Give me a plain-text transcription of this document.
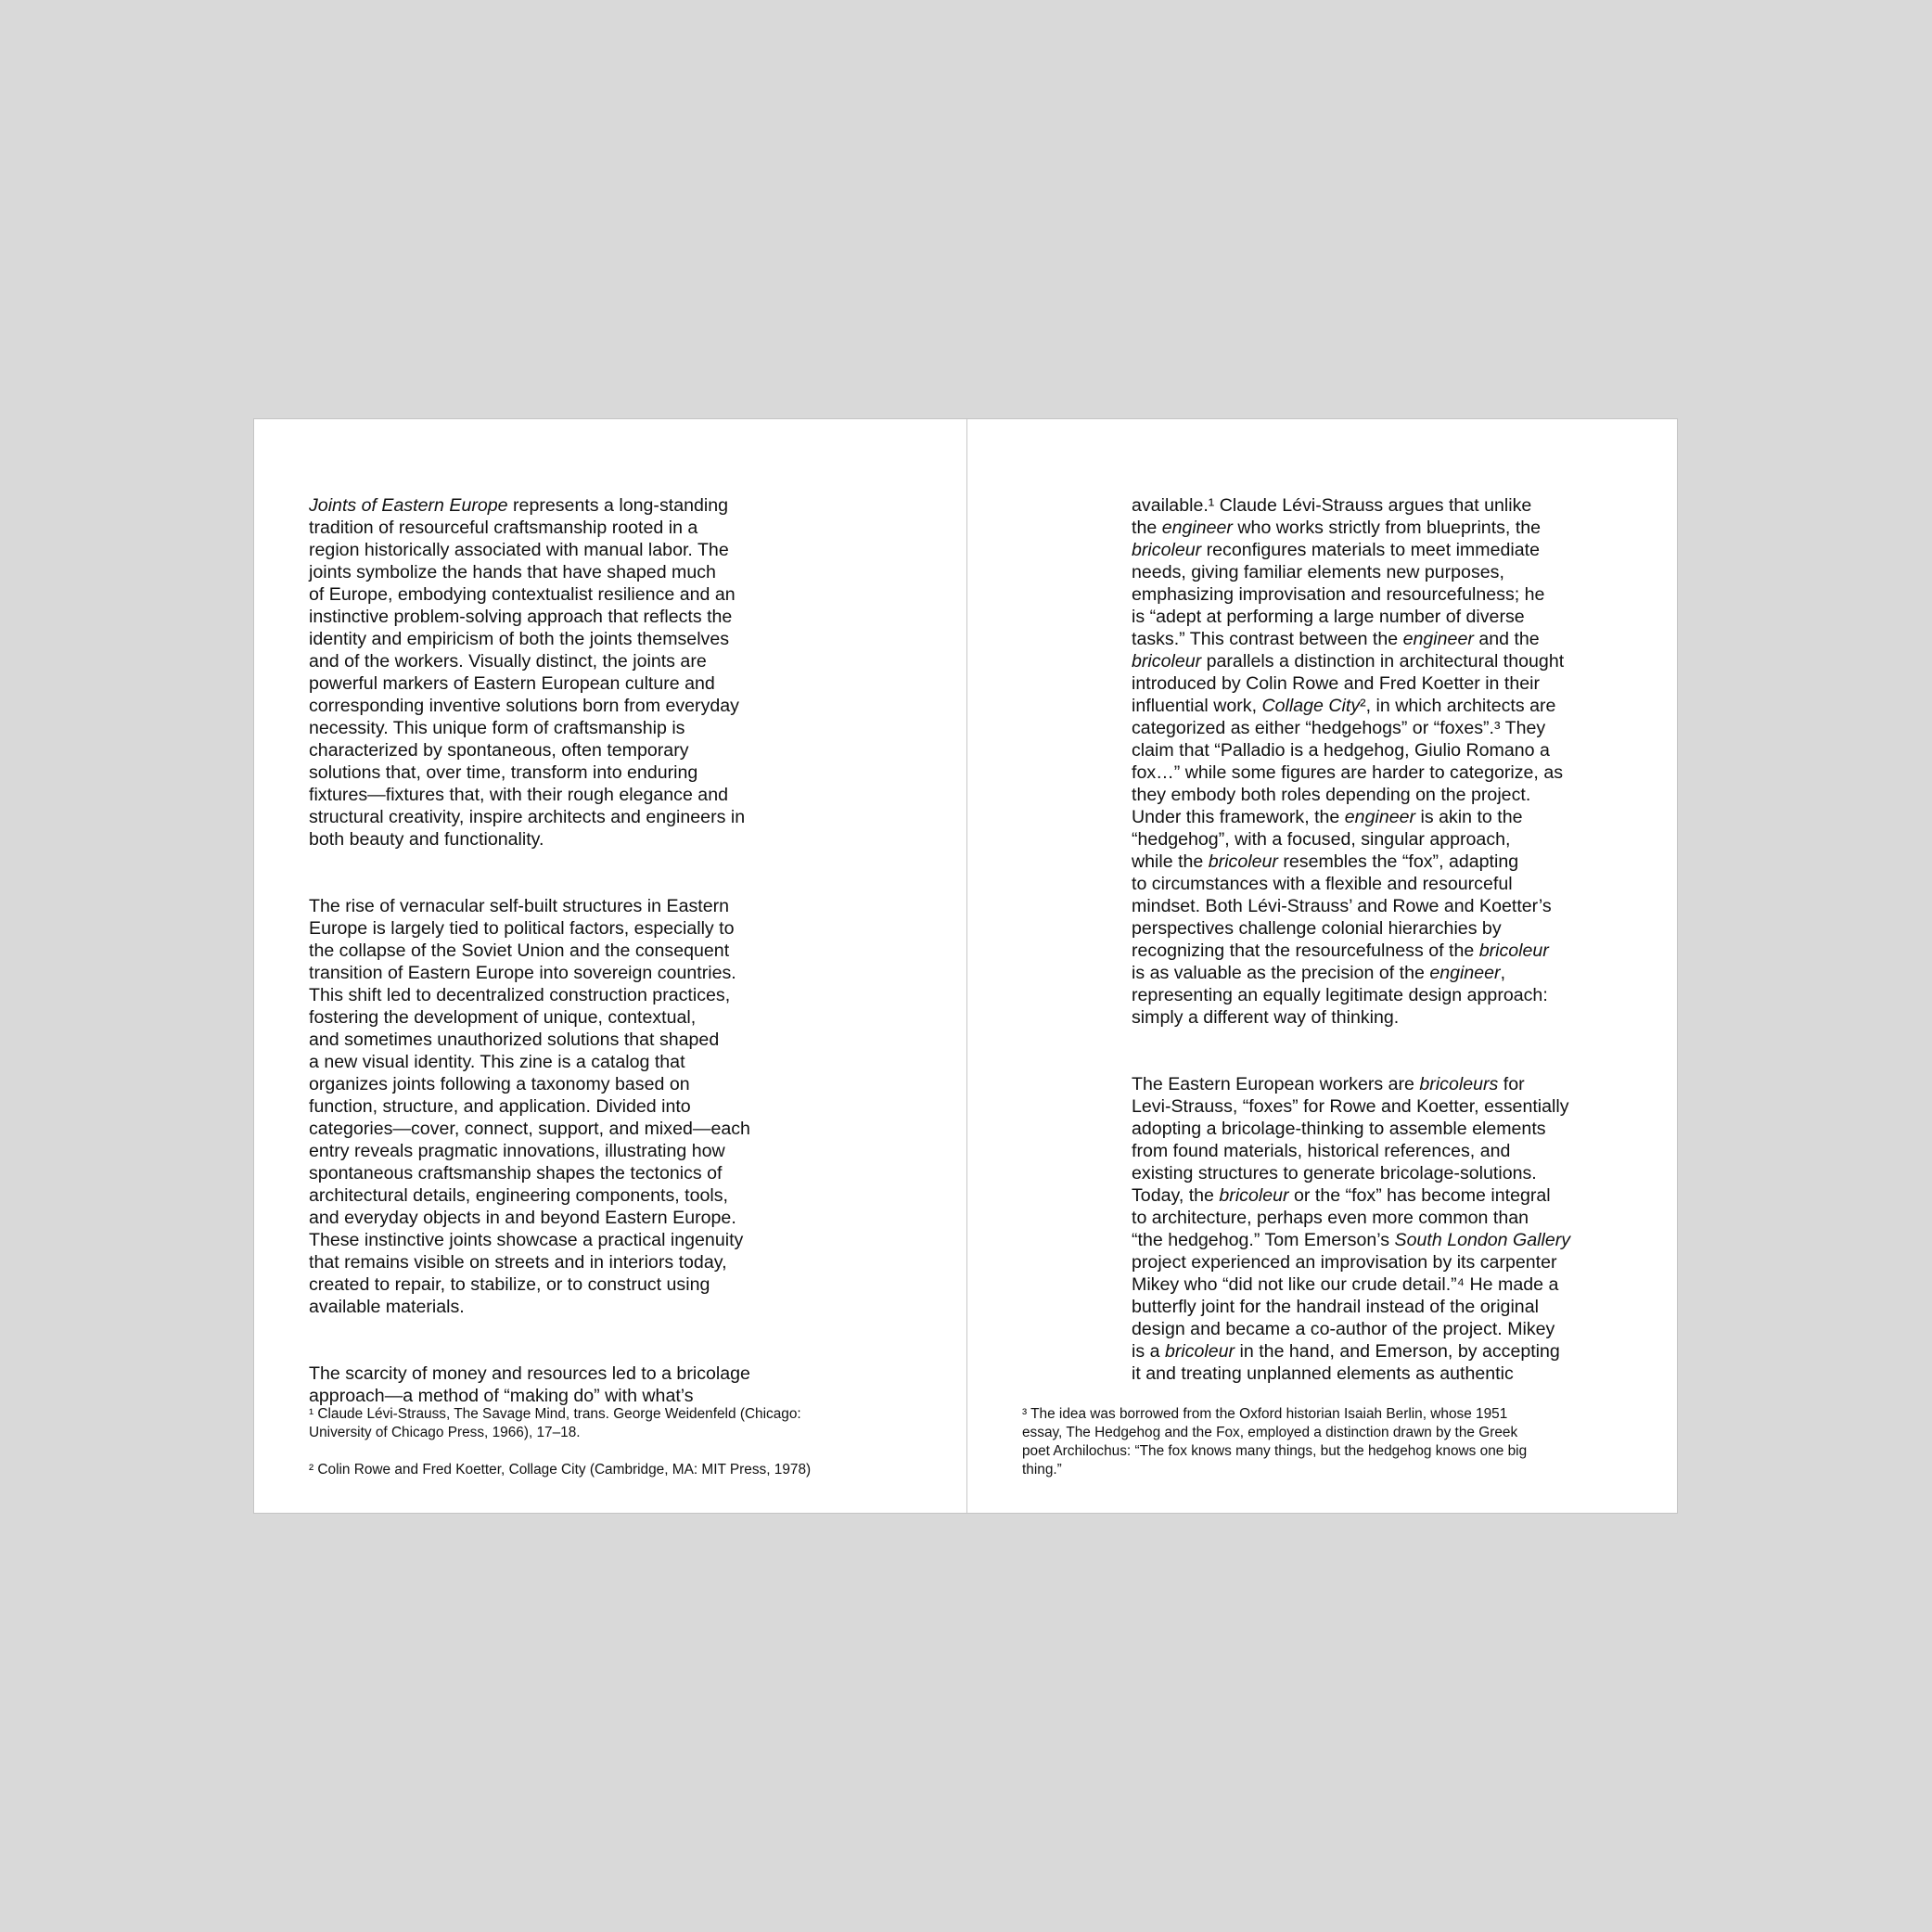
Joints of Eastern Europe represents a long-standing
tradition of resourceful craftsmanship rooted in a
region historically associated with manual labor. The
joints symbolize the hands that have shaped much
of Europe, embodying contextualist resilience and an
instinctive problem-solving approach that reflects the
identity and empiricism of both the joints themselves
and of the workers. Visually distinct, the joints are
powerful markers of Eastern European culture and
corresponding inventive solutions born from everyday
necessity. This unique form of craftsmanship is
characterized by spontaneous, often temporary
solutions that, over time, transform into enduring
fixtures—fixtures that, with their rough elegance and
structural creativity, inspire architects and engineers in
both beauty and functionality.

The rise of vernacular self-built structures in Eastern
Europe is largely tied to political factors, especially to
the collapse of the Soviet Union and the consequent
transition of Eastern Europe into sovereign countries.
This shift led to decentralized construction practices,
fostering the development of unique, contextual,
and sometimes unauthorized solutions that shaped
a new visual identity. This zine is a catalog that
organizes joints following a taxonomy based on
function, structure, and application. Divided into
categories—cover, connect, support, and mixed—each
entry reveals pragmatic innovations, illustrating how
spontaneous craftsmanship shapes the tectonics of
architectural details, engineering components, tools,
and everyday objects in and beyond Eastern Europe.
These instinctive joints showcase a practical ingenuity
that remains visible on streets and in interiors today,
created to repair, to stabilize, or to construct using
available materials.

The scarcity of money and resources led to a bricolage
approach—a method of “making do” with what’s

¹ Claude Lévi-Strauss, The Savage Mind, trans. George Weidenfeld (Chicago:
University of Chicago Press, 1966), 17–18.

² Colin Rowe and Fred Koetter, Collage City (Cambridge, MA: MIT Press, 1978)

available.¹ Claude Lévi-Strauss argues that unlike
the engineer who works strictly from blueprints, the
bricoleur reconfigures materials to meet immediate
needs, giving familiar elements new purposes,
emphasizing improvisation and resourcefulness; he
is “adept at performing a large number of diverse
tasks.” This contrast between the engineer and the
bricoleur parallels a distinction in architectural thought
introduced by Colin Rowe and Fred Koetter in their
influential work, Collage City², in which architects are
categorized as either “hedgehogs” or “foxes”.³ They
claim that “Palladio is a hedgehog, Giulio Romano a
fox…” while some figures are harder to categorize, as
they embody both roles depending on the project.
Under this framework, the engineer is akin to the
“hedgehog”, with a focused, singular approach,
while the bricoleur resembles the “fox”, adapting
to circumstances with a flexible and resourceful
mindset. Both Lévi-Strauss’ and Rowe and Koetter’s
perspectives challenge colonial hierarchies by
recognizing that the resourcefulness of the bricoleur
is as valuable as the precision of the engineer,
representing an equally legitimate design approach:
simply a different way of thinking.

The Eastern European workers are bricoleurs for
Levi-Strauss, “foxes” for Rowe and Koetter, essentially
adopting a bricolage-thinking to assemble elements
from found materials, historical references, and
existing structures to generate bricolage-solutions.
Today, the bricoleur or the “fox” has become integral
to architecture, perhaps even more common than
“the hedgehog.” Tom Emerson’s South London Gallery
project experienced an improvisation by its carpenter
Mikey who “did not like our crude detail.”⁴ He made a
butterfly joint for the handrail instead of the original
design and became a co-author of the project. Mikey
is a bricoleur in the hand, and Emerson, by accepting
it and treating unplanned elements as authentic

³ The idea was borrowed from the Oxford historian Isaiah Berlin, whose 1951
essay, The Hedgehog and the Fox, employed a distinction drawn by the Greek
poet Archilochus: “The fox knows many things, but the hedgehog knows one big
thing.”
